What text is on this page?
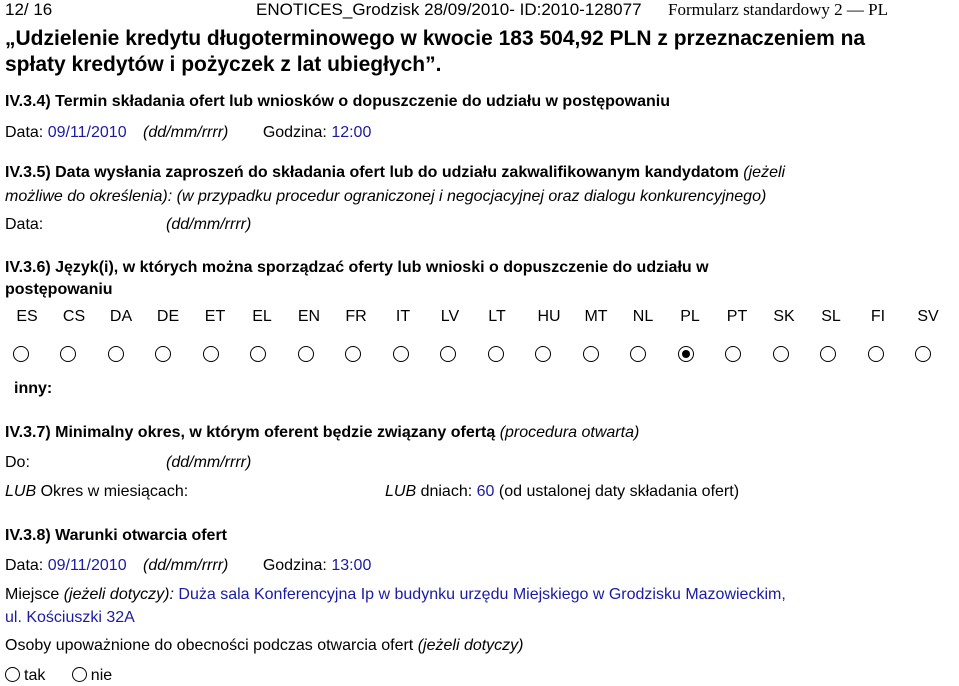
12/ 16	ENOTICES_Grodzisk 28/09/2010- ID:2010-128077 Formularz standardowy 2 — PL
„Udzielenie kredytu długoterminowego w kwocie 183 504,92 PLN z przeznaczeniem na
spłaty kredytów i pożyczek z lat ubiegłych”.
IV.3.4) Termin składania ofert lub wniosków o dopuszczenie do udziału w postępowaniu
Data: 09/11/2010 (dd/mm/rrrr) Godzina: 12:00
IV.3.5) Data wysłania zaproszeń do składania ofert lub do udziału zakwalifikowanym kandydatom (jeżeli
możliwe do określenia): (w przypadku procedur ograniczonej i negocjacyjnej oraz dialogu konkurencyjnego)
Data:	(dd/mm/rrrr)
IV.3.6) Język(i), w których można sporządzać oferty lub wnioski o dopuszczenie do udziału w
postępowaniu
ES CS DA DE ET EL EN FR IT LV LT HU MT NL PL PT SK SL FI SV
inny:
IV.3.7) Minimalny okres, w którym oferent będzie związany ofertą (procedura otwarta)
Do:	(dd/mm/rrrr)
LUB Okres w miesiącach:	LUB dniach: 60 (od ustalonej daty składania ofert)
IV.3.8) Warunki otwarcia ofert
Data: 09/11/2010 (dd/mm/rrrr) Godzina: 13:00
Miejsce (jeżeli dotyczy): Duża sala Konferencyjna Ip w budynku urzędu Miejskiego w Grodzisku Mazowieckim,
ul. Kościuszki 32A
Osoby upoważnione do obecności podczas otwarcia ofert (jeżeli dotyczy)
tak	nie
